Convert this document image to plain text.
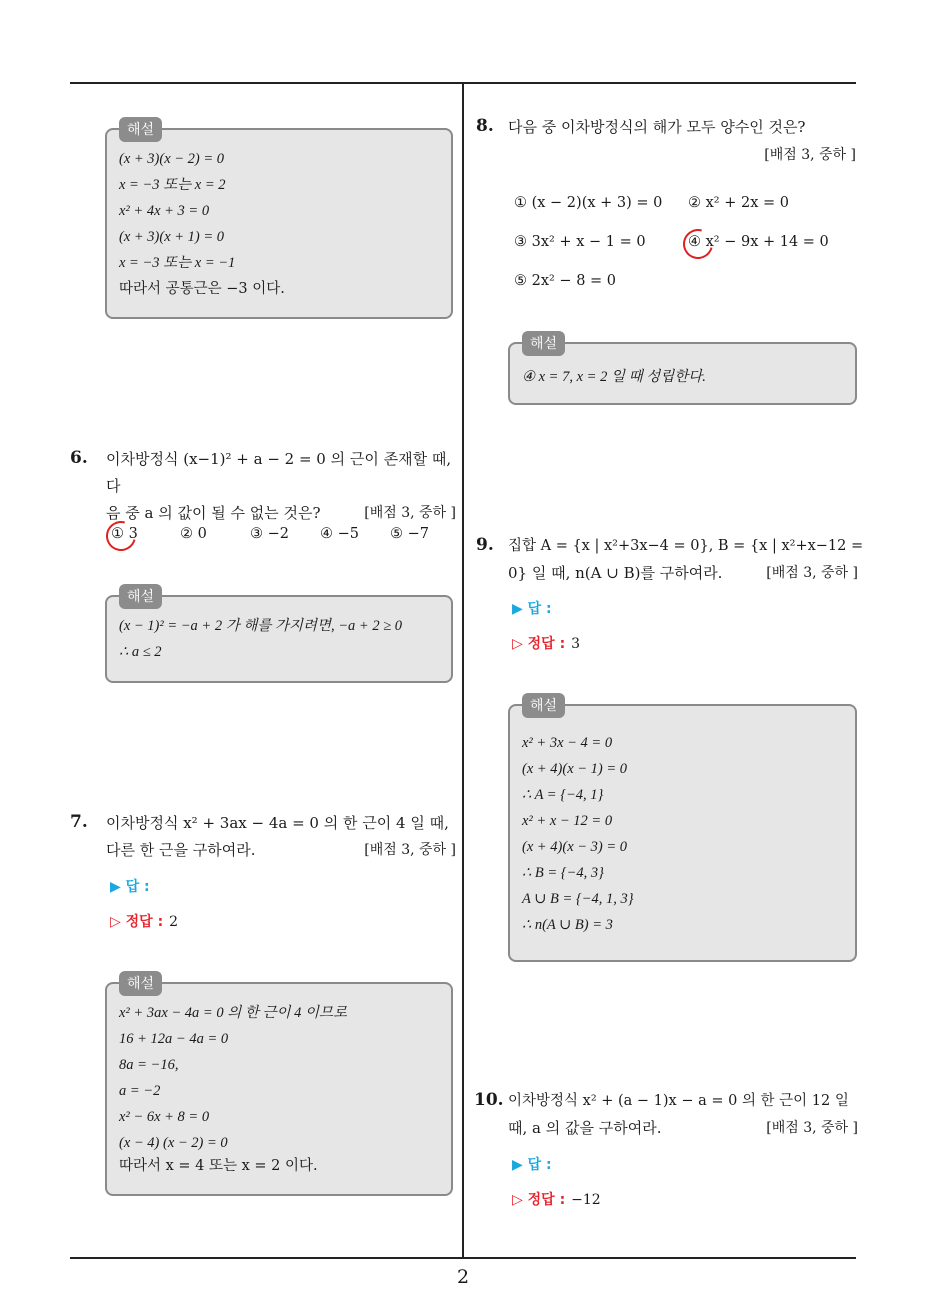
해설
(x + 3)(x − 2) = 0
x = −3 또는 x = 2
x² + 4x + 3 = 0
(x + 3)(x + 1) = 0
x = −3 또는 x = −1
따라서 공통근은 −3 이다.
6. 이차방정식 (x−1)² + a − 2 = 0 의 근이 존재할 때, 다
음 중 a 의 값이 될 수 없는 것은?	[배점 3, 중하 ]
① 3	② 0	③ −2 ④ −5 ⑤ −7
해설
(x − 1)² = −a + 2 가 해를 가지려면, −a + 2 ≥ 0
∴ a ≤ 2
7. 이차방정식 x² + 3ax − 4a = 0 의 한 근이 4 일 때,
다른 한 근을 구하여라.	[배점 3, 중하 ]
▶ 답 :
▷ 정답 : 2
해설
x² + 3ax − 4a = 0 의 한 근이 4 이므로
16 + 12a − 4a = 0
8a = −16,
a = −2
x² − 6x + 8 = 0
(x − 4) (x − 2) = 0
따라서 x = 4 또는 x = 2 이다.
8. 다음 중 이차방정식의 해가 모두 양수인 것은?
[배점 3, 중하 ]
① (x − 2)(x + 3) = 0 ② x² + 2x = 0
③ 3x² + x − 1 = 0	④ x² − 9x + 14 = 0
⑤ 2x² − 8 = 0
해설
④ x = 7, x = 2 일 때 성립한다.
9. 집합 A = {x | x²+3x−4 = 0}, B = {x | x²+x−12 =
0} 일 때, n(A ∪ B)를 구하여라.	[배점 3, 중하 ]
▶ 답 :
▷ 정답 : 3
해설
x² + 3x − 4 = 0
(x + 4)(x − 1) = 0
∴ A = {−4, 1}
x² + x − 12 = 0
(x + 4)(x − 3) = 0
∴ B = {−4, 3}
A ∪ B = {−4, 1, 3}
∴ n(A ∪ B) = 3
10. 이차방정식 x² + (a − 1)x − a = 0 의 한 근이 12 일
때, a 의 값을 구하여라.	[배점 3, 중하 ]
▶ 답 :
▷ 정답 : −12
2
